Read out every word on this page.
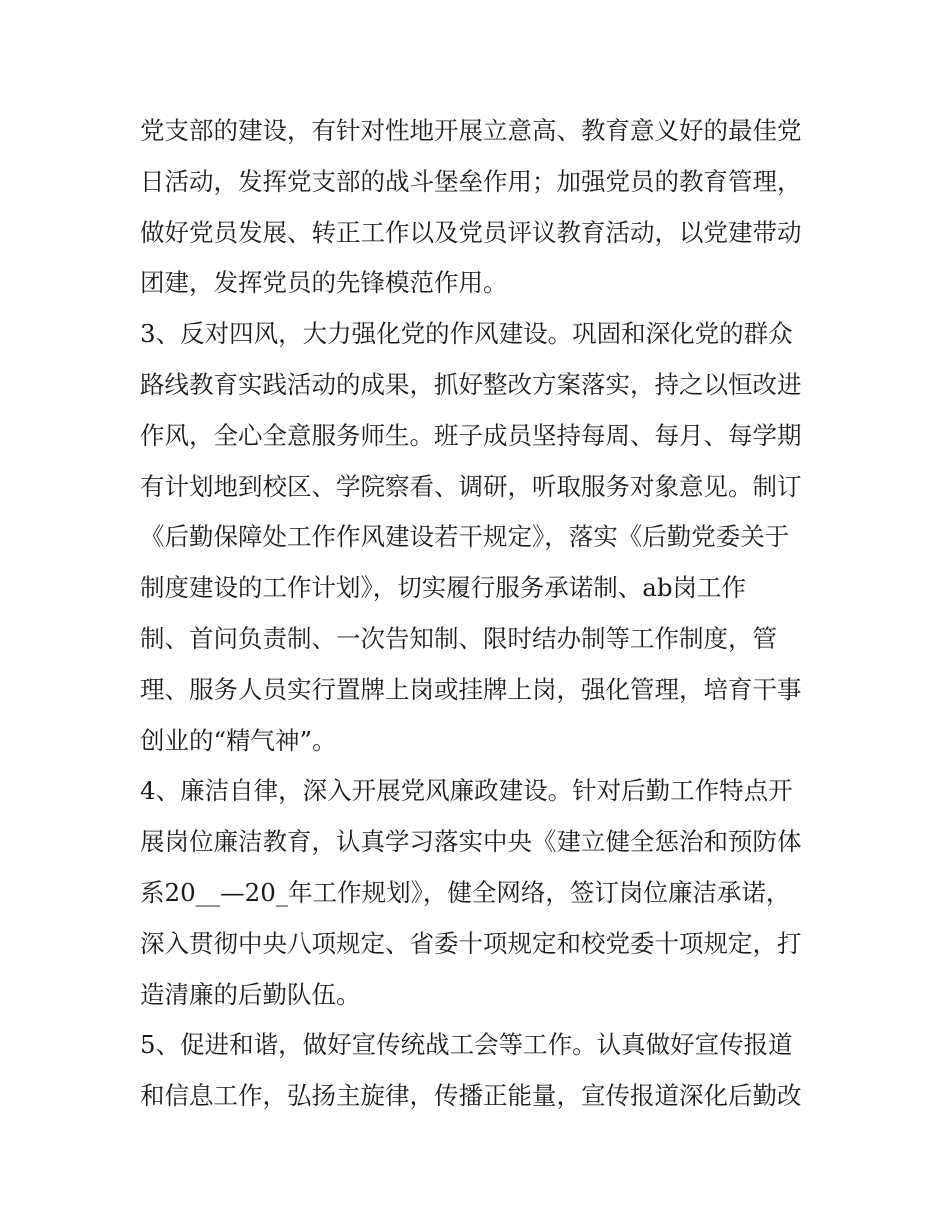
党支部的建设，有针对性地开展立意高、教育意义好的最佳党

日活动，发挥党支部的战斗堡垒作用；加强党员的教育管理，

做好党员发展、转正工作以及党员评议教育活动，以党建带动

团建，发挥党员的先锋模范作用。

3、反对四风，大力强化党的作风建设。巩固和深化党的群众

路线教育实践活动的成果，抓好整改方案落实，持之以恒改进

作风，全心全意服务师生。班子成员坚持每周、每月、每学期

有计划地到校区、学院察看、调研，听取服务对象意见。制订

《后勤保障处工作作风建设若干规定》，落实《后勤党委关于

制度建设的工作计划》，切实履行服务承诺制、ab岗工作

制、首问负责制、一次告知制、限时结办制等工作制度，管

理、服务人员实行置牌上岗或挂牌上岗，强化管理，培育干事

创业的“精气神”。

4、廉洁自律，深入开展党风廉政建设。针对后勤工作特点开

展岗位廉洁教育，认真学习落实中央《建立健全惩治和预防体

系20__—20_年工作规划》，健全网络，签订岗位廉洁承诺，

深入贯彻中央八项规定、省委十项规定和校党委十项规定，打

造清廉的后勤队伍。

5、促进和谐，做好宣传统战工会等工作。认真做好宣传报道

和信息工作，弘扬主旋律，传播正能量，宣传报道深化后勤改
